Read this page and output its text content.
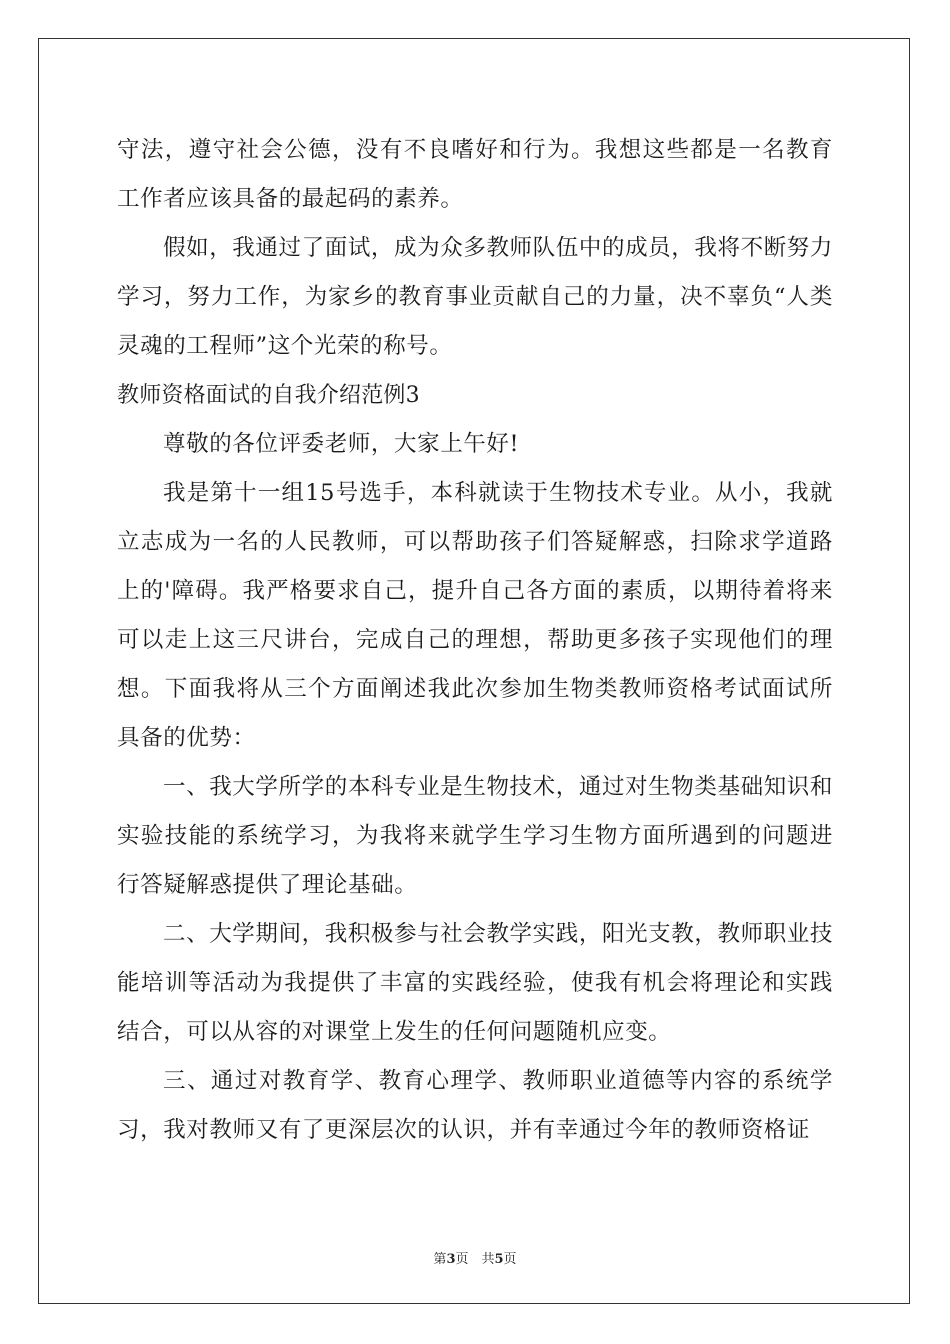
守法，遵守社会公德，没有不良嗜好和行为。我想这些都是一名教育工作者应该具备的最起码的素养。

假如，我通过了面试，成为众多教师队伍中的成员，我将不断努力学习，努力工作，为家乡的教育事业贡献自己的力量，决不辜负“人类灵魂的工程师”这个光荣的称号。

教师资格面试的自我介绍范例3

尊敬的各位评委老师，大家上午好!

我是第十一组15号选手，本科就读于生物技术专业。从小，我就立志成为一名的人民教师，可以帮助孩子们答疑解惑，扫除求学道路上的'障碍。我严格要求自己，提升自己各方面的素质，以期待着将来可以走上这三尺讲台，完成自己的理想，帮助更多孩子实现他们的理想。下面我将从三个方面阐述我此次参加生物类教师资格考试面试所具备的优势：

一、我大学所学的本科专业是生物技术，通过对生物类基础知识和实验技能的系统学习，为我将来就学生学习生物方面所遇到的问题进行答疑解惑提供了理论基础。

二、大学期间，我积极参与社会教学实践，阳光支教，教师职业技能培训等活动为我提供了丰富的实践经验，使我有机会将理论和实践结合，可以从容的对课堂上发生的任何问题随机应变。

三、通过对教育学、教育心理学、教师职业道德等内容的系统学习，我对教师又有了更深层次的认识，并有幸通过今年的教师资格证

第3页　共5页
